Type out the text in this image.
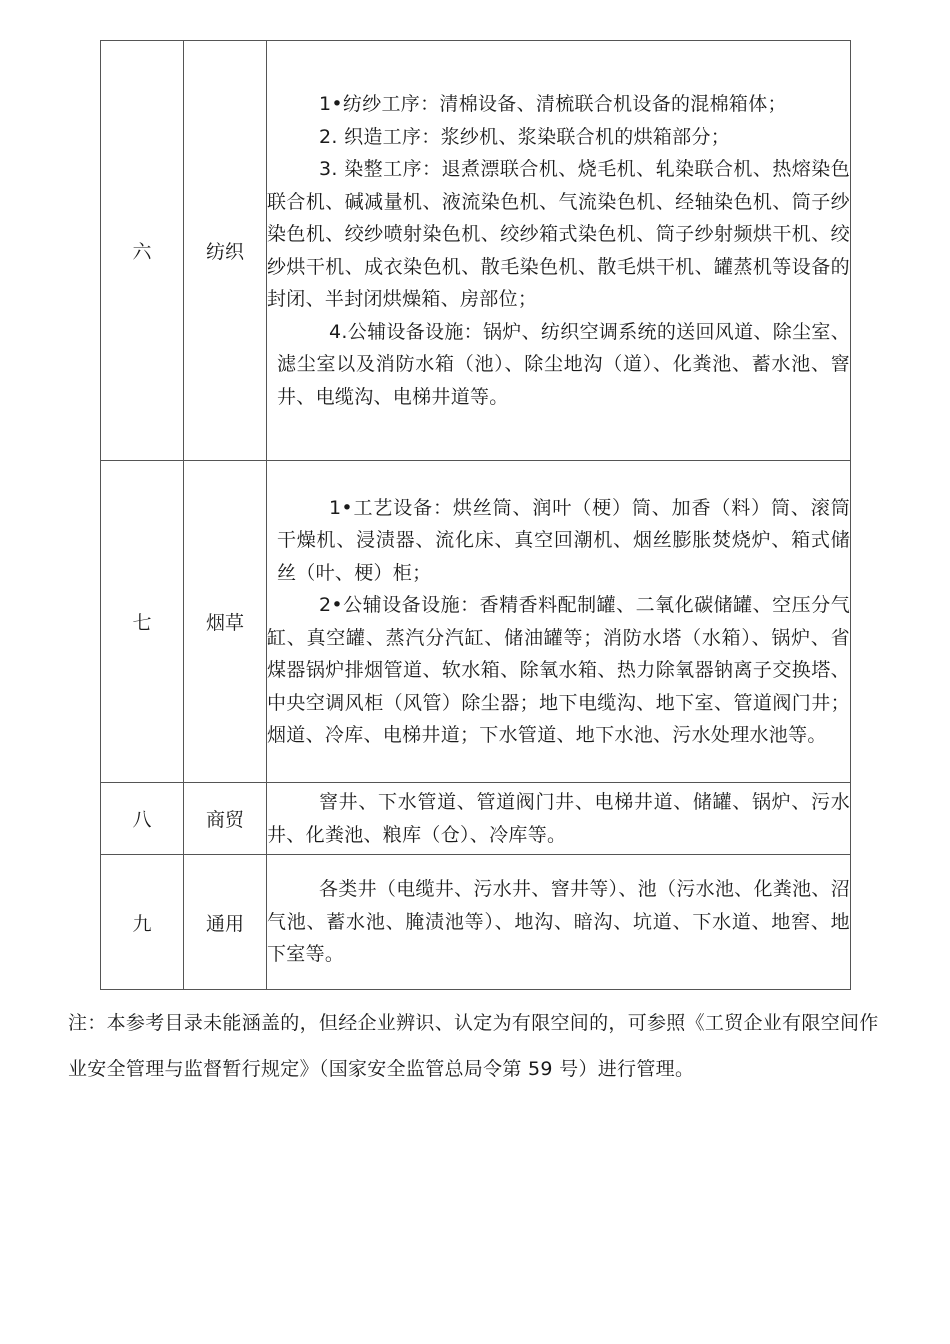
六	纺织	1•纺纱工序：清棉设备、清梳联合机设备的混棉箱体；
2. 织造工序：浆纱机、浆染联合机的烘箱部分；
3. 染整工序：退煮漂联合机、烧毛机、轧染联合机、热熔染色联合机、碱减量机、液流染色机、气流染色机、经轴染色机、筒子纱染色机、绞纱喷射染色机、绞纱箱式染色机、筒子纱射频烘干机、绞纱烘干机、成衣染色机、散毛染色机、散毛烘干机、罐蒸机等设备的封闭、半封闭烘燥箱、房部位；
4.公辅设备设施：锅炉、纺织空调系统的送回风道、除尘室、滤尘室以及消防水箱（池）、除尘地沟（道）、化粪池、蓄水池、窨井、电缆沟、电梯井道等。

七	烟草	1•工艺设备：烘丝筒、润叶（梗）筒、加香（料）筒、滚筒干燥机、浸渍器、流化床、真空回潮机、烟丝膨胀焚烧炉、箱式储丝（叶、梗）柜；
2•公辅设备设施：香精香料配制罐、二氧化碳储罐、空压分气缸、真空罐、蒸汽分汽缸、储油罐等；消防水塔（水箱）、锅炉、省煤器锅炉排烟管道、软水箱、除氧水箱、热力除氧器钠离子交换塔、中央空调风柜（风管）除尘器；地下电缆沟、地下室、管道阀门井；烟道、冷库、电梯井道；下水管道、地下水池、污水处理水池等。

八	商贸	窨井、下水管道、管道阀门井、电梯井道、储罐、锅炉、污水井、化粪池、粮库（仓）、冷库等。

九	通用	各类井（电缆井、污水井、窨井等）、池（污水池、化粪池、沼气池、蓄水池、腌渍池等）、地沟、暗沟、坑道、下水道、地窖、地下室等。
注：本参考目录未能涵盖的，但经企业辨识、认定为有限空间的，可参照《工贸企业有限空间作业安全管理与监督暂行规定》（国家安全监管总局令第 59 号）进行管理。
